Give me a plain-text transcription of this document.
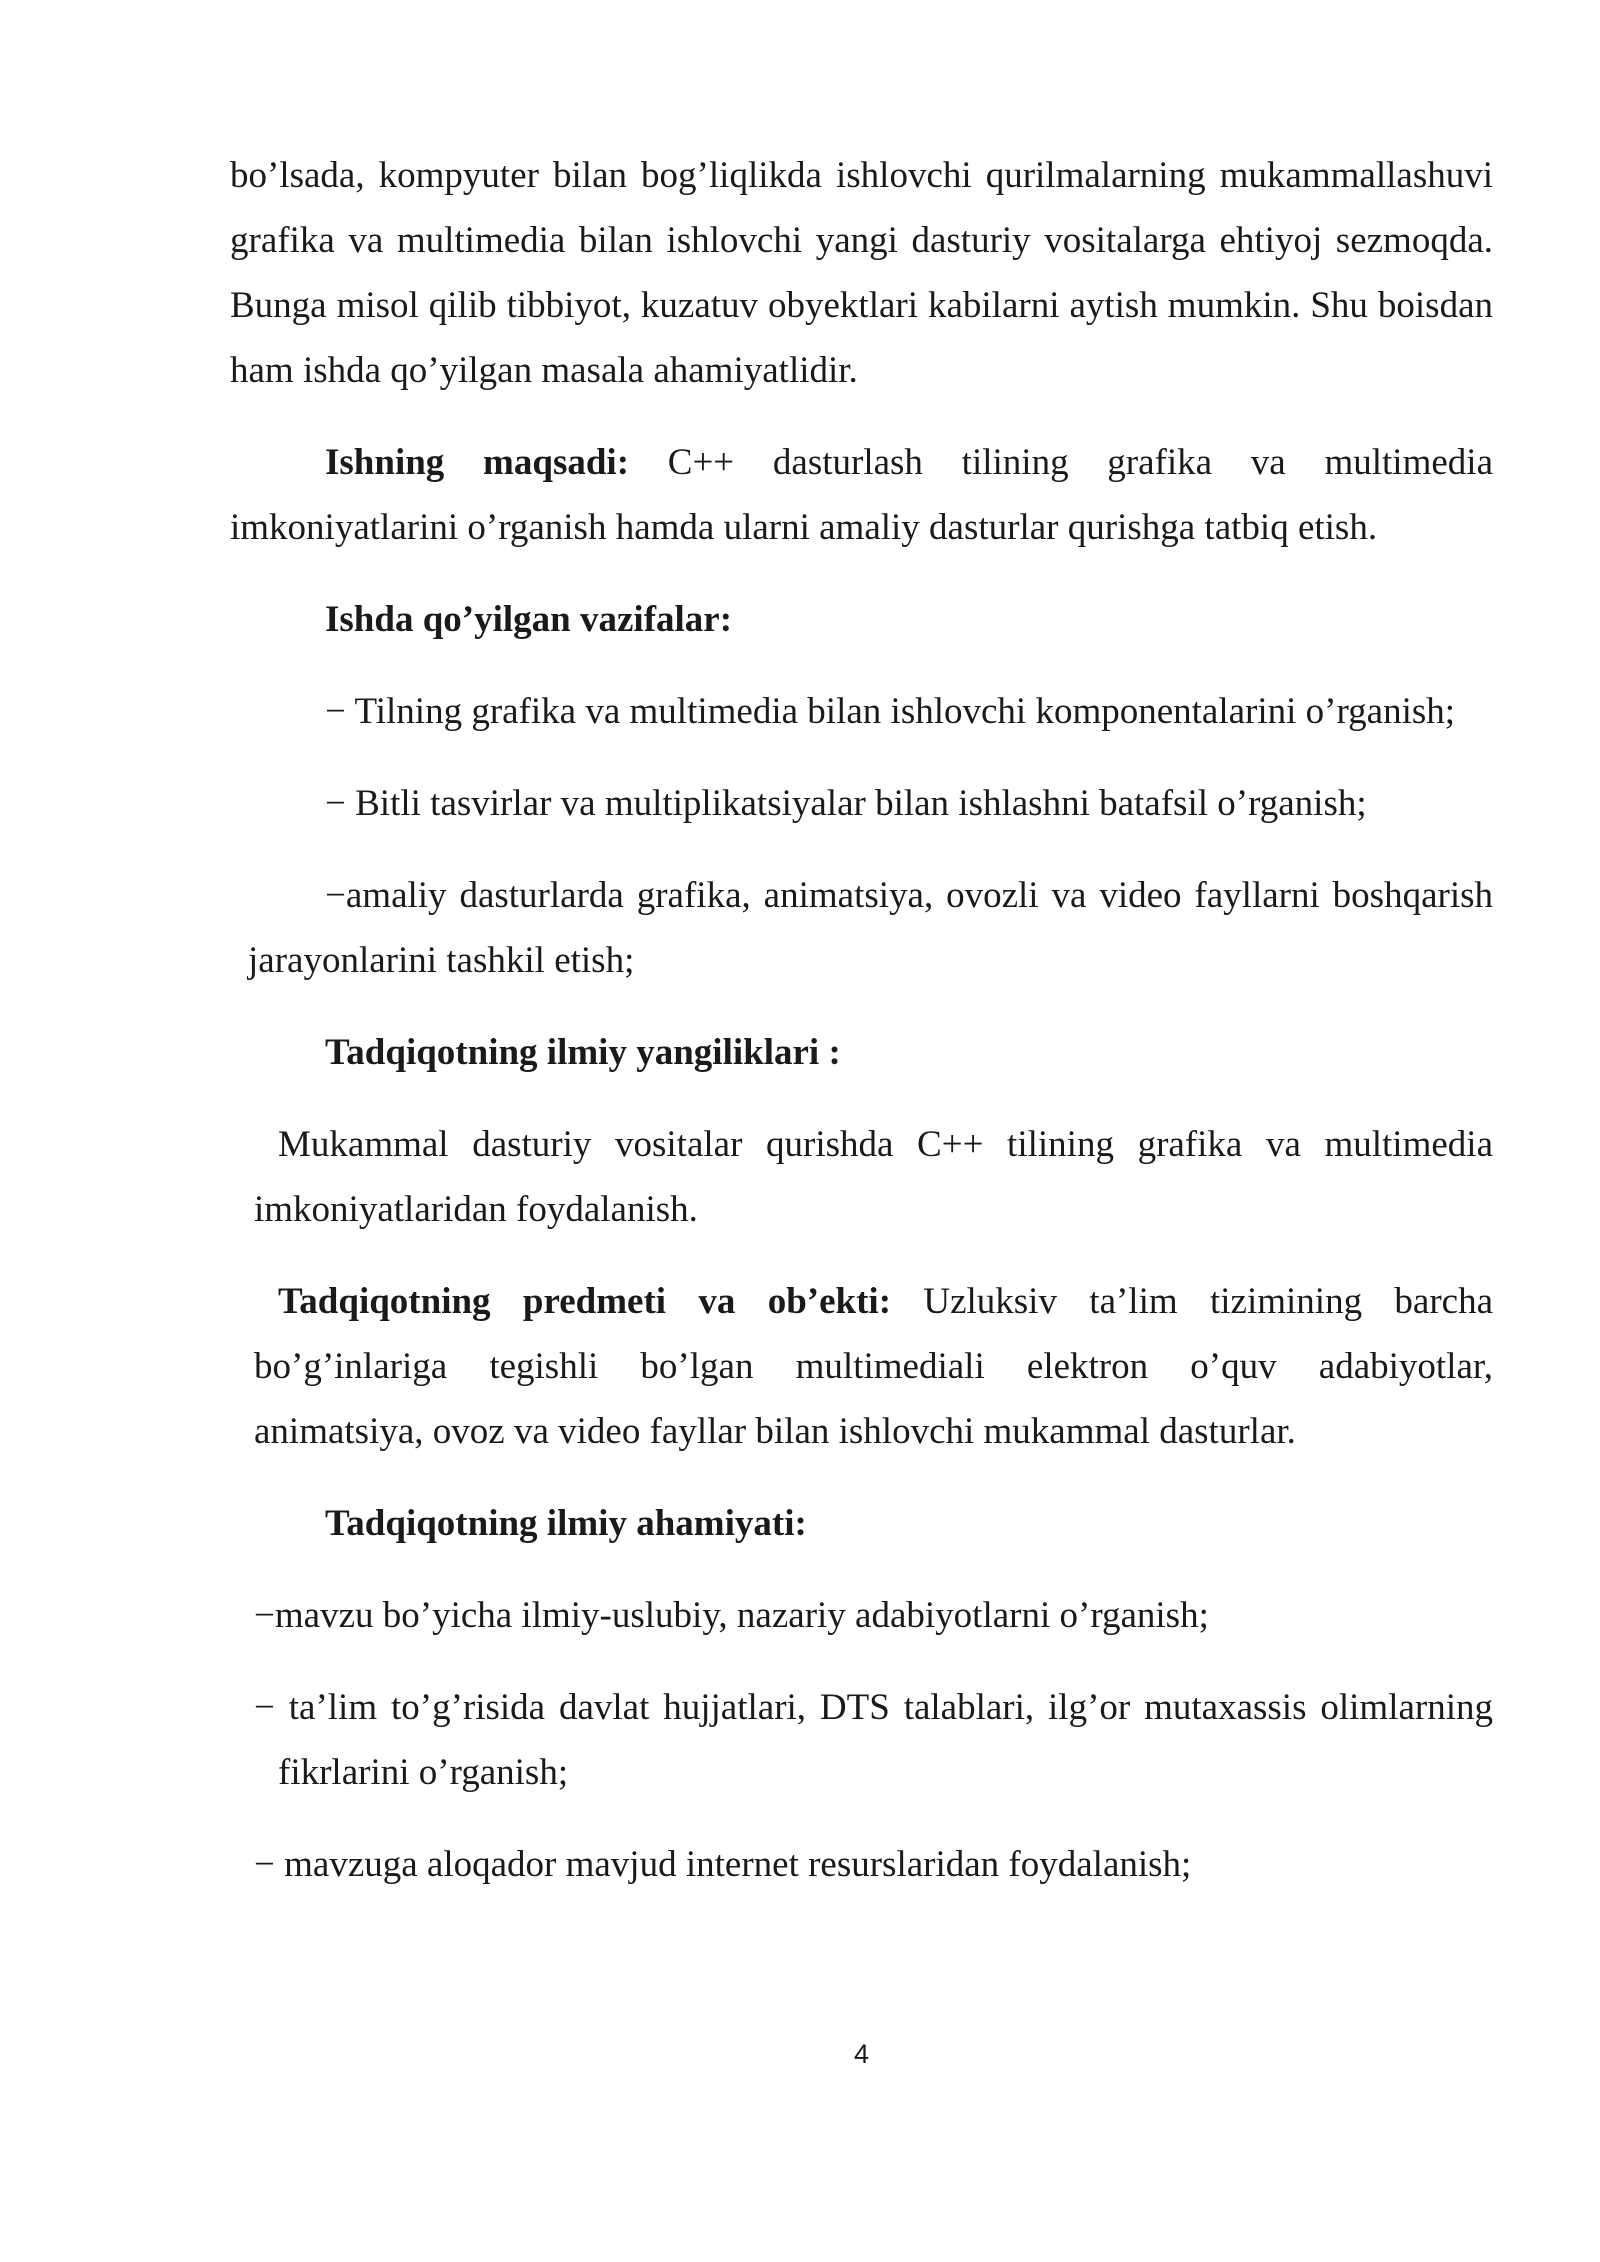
bo’lsada, kompyuter bilan bog’liqlikda ishlovchi qurilmalarning mukammallashuvi

grafika va multimedia bilan ishlovchi yangi dasturiy vositalarga ehtiyoj sezmoqda.

Bunga misol qilib tibbiyot, kuzatuv obyektlari kabilarni aytish mumkin. Shu boisdan

ham ishda qo’yilgan masala ahamiyatlidir.

Ishning maqsadi: C++ dasturlash tilining grafika va multimedia

imkoniyatlarini o’rganish hamda ularni amaliy dasturlar qurishga tatbiq etish.

Ishda qo’yilgan vazifalar:

− Tilning grafika va multimedia bilan ishlovchi komponentalarini o’rganish;

− Bitli tasvirlar va multiplikatsiyalar bilan ishlashni batafsil o’rganish;

−amaliy dasturlarda grafika, animatsiya, ovozli va video fayllarni boshqarish

jarayonlarini tashkil etish;

Tadqiqotning ilmiy yangiliklari :

Mukammal dasturiy vositalar qurishda C++ tilining grafika va multimedia

imkoniyatlaridan foydalanish.

Tadqiqotning predmeti va ob’ekti: Uzluksiv ta’lim tizimining barcha

bo’g’inlariga tegishli bo’lgan multimediali elektron o’quv adabiyotlar,

animatsiya, ovoz va video fayllar bilan ishlovchi mukammal dasturlar.

Tadqiqotning ilmiy ahamiyati:

−mavzu bo’yicha ilmiy-uslubiy, nazariy adabiyotlarni o’rganish;

− ta’lim to’g’risida davlat hujjatlari, DTS talablari, ilg’or mutaxassis olimlarning

fikrlarini o’rganish;

− mavzuga aloqador mavjud internet resurslaridan foydalanish;

4
